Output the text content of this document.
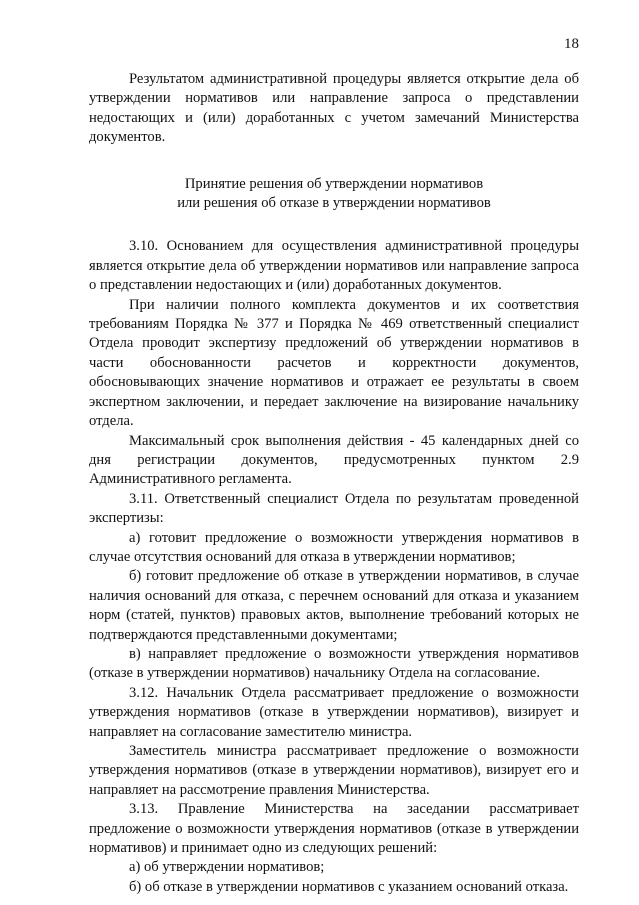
18

Результатом административной процедуры является открытие дела об утверждении нормативов или направление запроса о представлении недостающих и (или) доработанных с учетом замечаний Министерства документов.

Принятие решения об утверждении нормативов
или решения об отказе в утверждении нормативов

3.10. Основанием для осуществления административной процедуры является открытие дела об утверждении нормативов или направление запроса о представлении недостающих и (или) доработанных документов.

При наличии полного комплекта документов и их соответствия требованиям Порядка № 377 и Порядка № 469 ответственный специалист Отдела проводит экспертизу предложений об утверждении нормативов в части обоснованности расчетов и корректности документов, обосновывающих значение нормативов и отражает ее результаты в своем экспертном заключении, и передает заключение на визирование начальнику отдела.

Максимальный срок выполнения действия - 45 календарных дней со дня регистрации документов, предусмотренных пунктом 2.9 Административного регламента.

3.11. Ответственный специалист Отдела по результатам проведенной экспертизы:

а) готовит предложение о возможности утверждения нормативов в случае отсутствия оснований для отказа в утверждении нормативов;

б) готовит предложение об отказе в утверждении нормативов, в случае наличия оснований для отказа, с перечнем оснований для отказа и указанием норм (статей, пунктов) правовых актов, выполнение требований которых не подтверждаются представленными документами;

в) направляет предложение о возможности утверждения нормативов (отказе в утверждении нормативов) начальнику Отдела на согласование.

3.12. Начальник Отдела рассматривает предложение о возможности утверждения нормативов (отказе в утверждении нормативов), визирует и направляет на согласование заместителю министра.

Заместитель министра рассматривает предложение о возможности утверждения нормативов (отказе в утверждении нормативов), визирует его и направляет на рассмотрение правления Министерства.

3.13. Правление Министерства на заседании рассматривает предложение о возможности утверждения нормативов (отказе в утверждении нормативов) и принимает одно из следующих решений:

а) об утверждении нормативов;

б) об отказе в утверждении нормативов с указанием оснований отказа.
